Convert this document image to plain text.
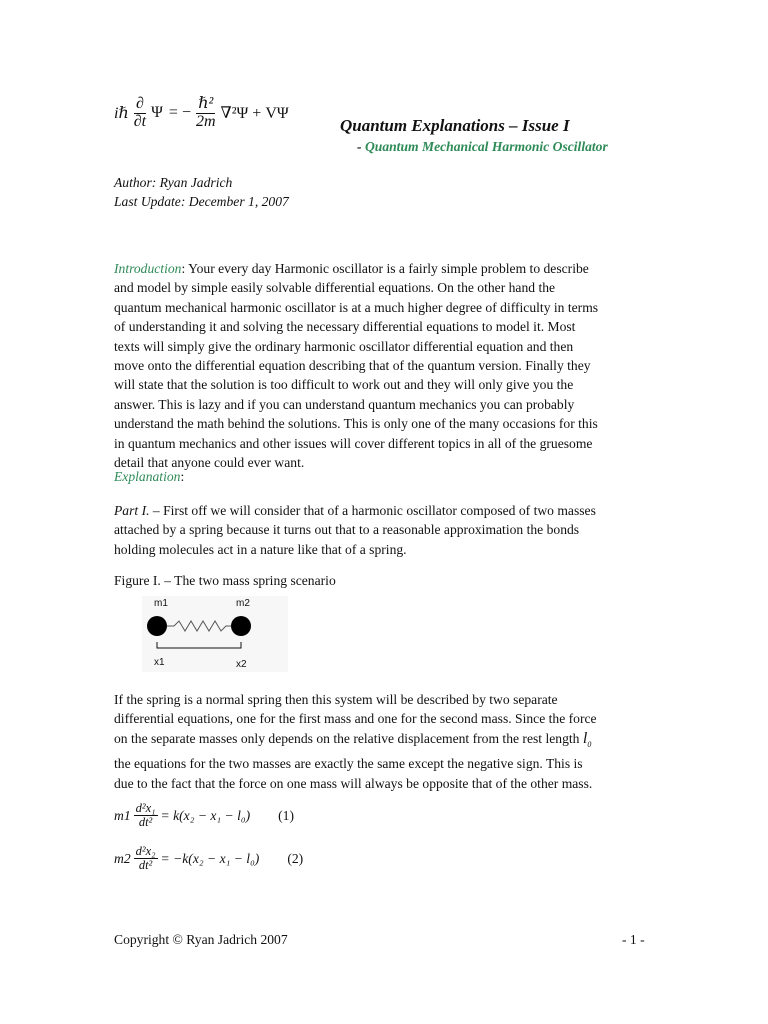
iℏ $\frac{\partial}{\partial t}$ Ψ = − $\frac{\text{ℏ²}}{2m} \nabla^2\Psi + V\Psi$
Quantum Explanations – Issue I
- Quantum Mechanical Harmonic Oscillator
Author: Ryan Jadrich
Last Update: December 1, 2007
Introduction: Your every day Harmonic oscillator is a fairly simple problem to describe
and model by simple easily solvable differential equations. On the other hand the
quantum mechanical harmonic oscillator is at a much higher degree of difficulty in terms
of understanding it and solving the necessary differential equations to model it. Most
texts will simply give the ordinary harmonic oscillator differential equation and then
move onto the differential equation describing that of the quantum version. Finally they
will state that the solution is too difficult to work out and they will only give you the
answer. This is lazy and if you can understand quantum mechanics you can probably
understand the math behind the solutions. This is only one of the many occasions for this
in quantum mechanics and other issues will cover different topics in all of the gruesome
detail that anyone could ever want.
Explanation:
Part I. – First off we will consider that of a harmonic oscillator composed of two masses
attached by a spring because it turns out that to a reasonable approximation the bonds
holding molecules act in a nature like that of a spring.
Figure I. – The two mass spring scenario
m1	m2
x1	x2
If the spring is a normal spring then this system will be described by two separate
differential equations, one for the first mass and one for the second mass. Since the force
on the separate masses only depends on the relative displacement from the rest length $l_0$
the equations for the two masses are exactly the same except the negative sign. This is
due to the fact that the force on one mass will always be opposite that of the other mass.
$m1 \frac{\text{d²x₁}}{\text{dt²}} = k(x_2 - x_1 - l_0)$ (1)
$m2 \frac{\text{d²x₂}}{\text{dt²}} = -k(x_2 - x_1 - l_0)$ (2)
Copyright © Ryan Jadrich 2007	- 1 -
